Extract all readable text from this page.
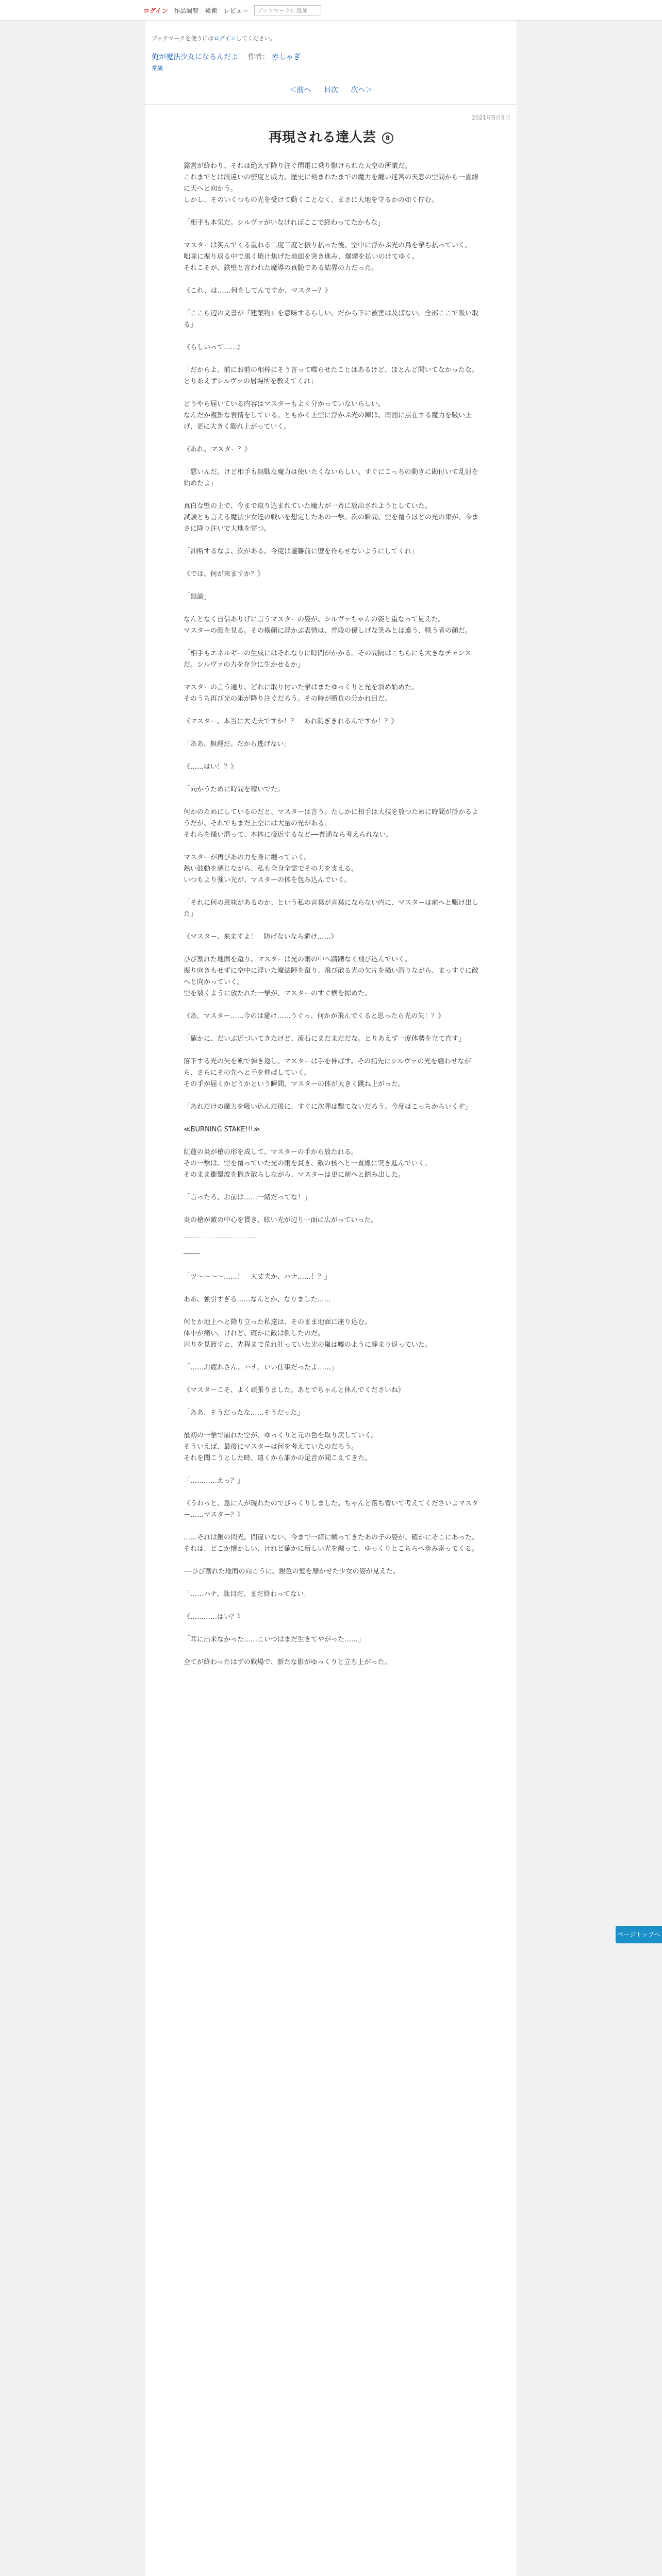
ログイン 作品閲覧 検索 レビュー	ブックマークに追加
ブックマークを使うにはログインしてください。
俺が魔法少女になるんだよ！ 作者： 赤しゃぎ
常識
＜前へ 目次 次へ＞
2021年5月9日
再現される達人芸 8

露営が終わり、それは絶えず降り注ぐ閃電に乗り駆けられた天空の所業だ。
これまでとは段違いの密度と威力、歴史に刻まれたまでの魔力を纏い迷宮の天窓の空間から一直線に天へと向かう。
しかし、そのいくつもの光を受けて動くことなく、まさに大地を守るかの如く佇む。

「相手も本気だ。シルヴァがいなければここで終わってたかもな」

マスターは笑んでくる重ねる二度三度と振り払った後、空中に浮かぶ光の鳥を撃ち払っていく。
咄嗟に振り返る中で黒く焼け焦げた地面を突き進み、爆煙を払いのけてゆく。
それこそが、鉄壁と言われた魔導の真髄である結界の力だった。

《これ、は……何をしてんですか、マスター？》

「ここら辺の文書が『建築物』を意味するらしい。だから下に被害は及ばない。全部ここで吸い取る」

《らしいって……》

「だからよ。前にお前の相棒にそう言って喋らせたことはあるけど、ほとんど聞いてなかったな。とりあえずシルヴァの居場所を教えてくれ」

どうやら届いている内容はマスターもよく分かっていないらしい。
なんだか複雑な表情をしている。ともかく上空に浮かぶ光の陣は、周囲に点在する魔力を吸い上げ、更に大きく膨れ上がっていく。

《あれ、マスター？》

「悪いんだ。けど相手も無駄な魔力は使いたくないらしい。すぐにこっちの動きに勘付いて乱射を始めたよ」

真白な壁の上で、今まで取り込まれていた魔力が一斉に放出されようとしていた。
試験とも言える魔法少女達の戦いを想定したあの一撃。次の瞬間、空を覆うほどの光の束が、今まさに降り注いで大地を穿つ。

「油断するなよ、次がある。今度は避難前に壁を作らせないようにしてくれ」

《では、何が来ますか？》

「無論」

なんとなく自信ありげに言うマスターの姿が、シルヴァちゃんの姿と重なって見えた。
マスターの顔を見る。その横顔に浮かぶ表情は、普段の優しげな笑みとは違う、戦う者の顔だ。

「相手もエネルギーの生成にはそれなりに時間がかかる。その間隔はこちらにも大きなチャンスだ。シルヴァの力を存分に生かせるか」

マスターの言う通り、どれに取り付いた撃はまたゆっくりと光を溜め始めた。
そのうち再び光の雨が降り注ぐだろう。その時が勝負の分かれ目だ。

《マスター、本当に大丈夫ですか！？　あれ防ぎきれるんですか！？》

「ああ、無理だ。だから逃げない」

《……はい！？》

「向かうために時間を稼いでた。

何かのためにしているのだと、マスターは言う。たしかに相手は大技を放つために時間が掛かるようだが、それでもまだ上空には大量の光がある。
それらを掻い潜って、本体に接近するなど──普通なら考えられない。

マスターが再びあの力を身に纏っていく。
熱い鼓動を感じながら、私も全身全霊でその力を支える。
いつもより強い光が、マスターの体を包み込んでいく。

「それに何の意味があるのか、という私の言葉が言葉にならない内に、マスターは前へと駆け出した」

《マスター、来ますよ！　防げないなら避け……》

ひび割れた地面を蹴り、マスターは光の雨の中へ躊躇なく飛び込んでいく。
振り向きもせずに空中に浮いた魔法陣を蹴り、飛び散る光の欠片を掻い潜りながら、まっすぐに敵へと向かっていく。
空を裂くように放たれた一撃が、マスターのすぐ横を掠めた。

《あ、マスター……今のは避け……うぐっ、何かが飛んでくると思ったら光の矢！？》

「確かに、だいぶ近づいてきたけど、流石にまだまだだな。とりあえず一度体勢を立て直す」

落下する光の矢を剣で弾き返し、マスターは手を伸ばす。その指先にシルヴァの光を纏わせながら、さらにその先へと手を伸ばしていく。
その手が届くかどうかという瞬間、マスターの体が大きく跳ね上がった。

「あれだけの魔力を吸い込んだ後に、すぐに次弾は撃てないだろう。今度はこっちからいくぞ」

≪BURNING STAKE!!!≫

紅蓮の炎が槍の形を成して、マスターの手から放たれる。
その一撃は、空を覆っていた光の雨を貫き、敵の核へと一直線に突き進んでいく。
そのまま衝撃波を撒き散らしながら、マスターは更に前へと踏み出した。

「言ったろ、お前は……一緒だってな！」

炎の槍が敵の中心を貫き、眩い光が辺り一面に広がっていった。

────

「ツ〜〜〜〜……！　大丈夫か、ハナ……！？」

ああ、強引すぎる……なんとか、なりました……

何とか地上へと降り立った私達は、そのまま地面に座り込む。
体中が痛い。けれど、確かに敵は倒したのだ。
周りを見渡すと、先程まで荒れ狂っていた光の嵐は嘘のように静まり返っていた。

「……お疲れさん、ハナ。いい仕事だったよ……」

《マスターこそ、よく頑張りました。あとでちゃんと休んでくださいね》

「ああ、そうだったな……そうだった」

最初の一撃で崩れた空が、ゆっくりと元の色を取り戻していく。
そういえば、最後にマスターは何を考えていたのだろう。
それを聞こうとした時、遠くから誰かの足音が聞こえてきた。

「…………えっ？」

《うわっと、急に人が現れたのでびっくりしました。ちゃんと落ち着いて考えてくださいよマスター……マスター？》

……それは銀の閃光。間違いない、今まで一緒に戦ってきたあの子の姿が、確かにそこにあった。
それは、どこか懐かしい、けれど確かに新しい光を纏って、ゆっくりとこちらへ歩み寄ってくる。

──ひび割れた地面の向こうに、銀色の髪を靡かせた少女の姿が見えた。

「……ハナ、駄目だ、まだ終わってない」

《…………はい？》

「耳に出来なかった……こいつはまだ生きてやがった……」

全てが終わったはずの戦場で、新たな影がゆっくりと立ち上がった。

ページトップへ
